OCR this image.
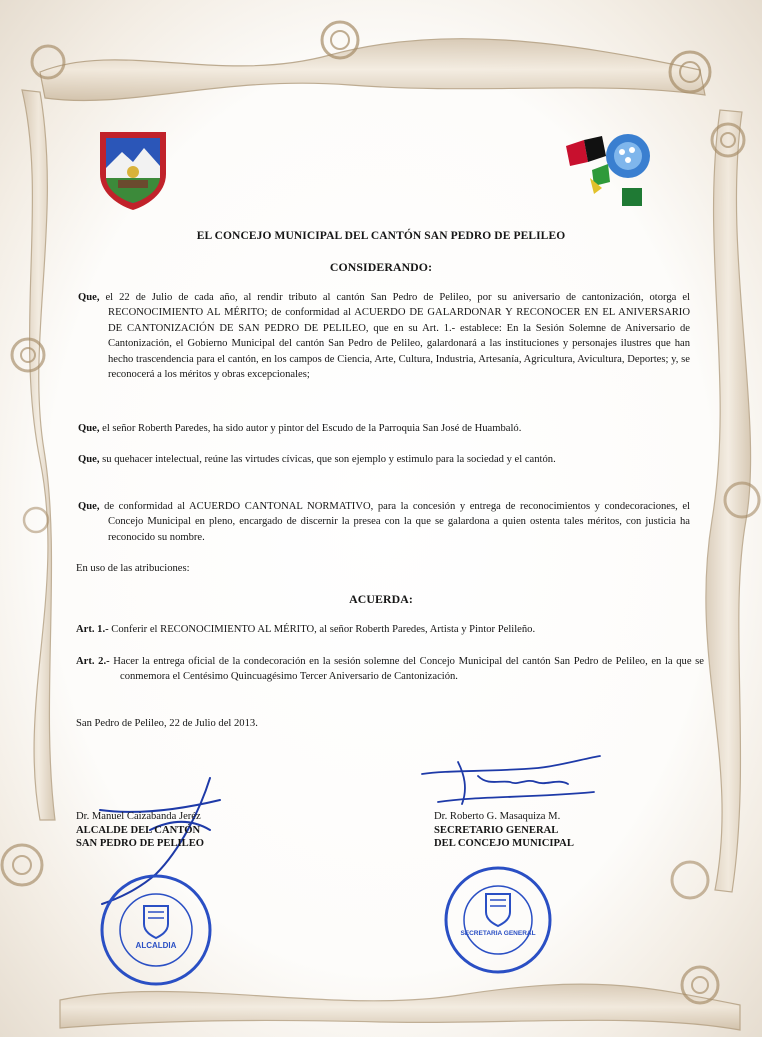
EL CONCEJO MUNICIPAL DEL CANTÓN SAN PEDRO DE PELILEO
CONSIDERANDO:
Que, el 22 de Julio de cada año, al rendir tributo al cantón San Pedro de Pelileo, por su aniversario de cantonización, otorga el RECONOCIMIENTO AL MÉRITO; de conformidad al ACUERDO DE GALARDONAR Y RECONOCER EN EL ANIVERSARIO DE CANTONIZACIÓN DE SAN PEDRO DE PELILEO, que en su Art. 1.- establece: En la Sesión Solemne de Aniversario de Cantonización, el Gobierno Municipal del cantón San Pedro de Pelileo, galardonará a las instituciones y personajes ilustres que han hecho trascendencia para el cantón, en los campos de Ciencia, Arte, Cultura, Industria, Artesanía, Agricultura, Avicultura, Deportes; y, se reconocerá a los méritos y obras excepcionales;
Que, el señor Roberth Paredes, ha sido autor y pintor del Escudo de la Parroquia San José de Huambaló.
Que, su quehacer intelectual, reúne las virtudes cívicas, que son ejemplo y estimulo para la sociedad y el cantón.
Que, de conformidad al ACUERDO CANTONAL NORMATIVO, para la concesión y entrega de reconocimientos y condecoraciones, el Concejo Municipal en pleno, encargado de discernir la presea con la que se galardona a quien ostenta tales méritos, con justicia ha reconocido su nombre.
En uso de las atribuciones:
ACUERDA:
Art. 1.- Conferir el RECONOCIMIENTO AL MÉRITO, al señor Roberth Paredes, Artista y Pintor Pelileño.
Art. 2.- Hacer la entrega oficial de la condecoración en la sesión solemne del Concejo Municipal del cantón San Pedro de Pelileo, en la que se conmemora el Centésimo Quincuagésimo Tercer Aniversario de Cantonización.
San Pedro de Pelileo, 22 de Julio del 2013.
Dr. Manuel Caizabanda Jeréz
ALCALDE DEL CANTÓN
SAN PEDRO DE PELILEO
Dr. Roberto G. Masaquiza M.
SECRETARIO GENERAL
DEL CONCEJO MUNICIPAL
ALCALDIA
SECRETARIA GENERAL
